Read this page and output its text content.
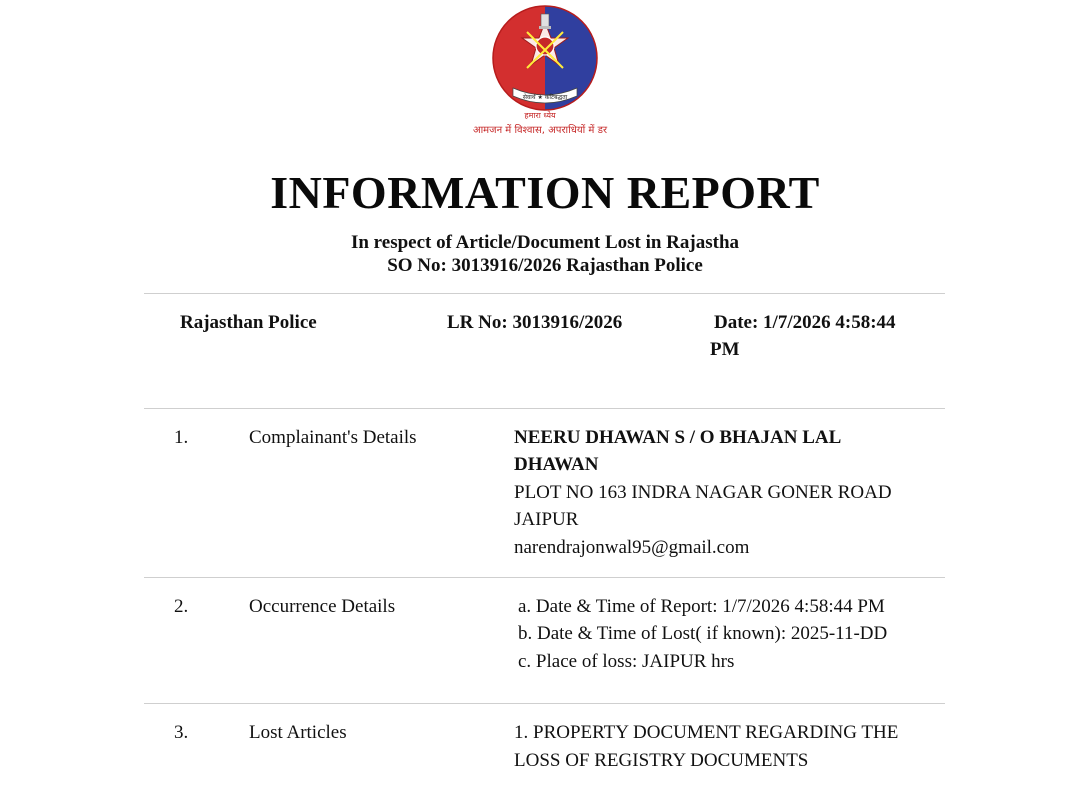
सेवार्थ ★ कटिबद्धता
हमारा ध्येय
आमजन में विश्वास, अपराधियों में डर
INFORMATION REPORT
In respect of Article/Document Lost in Rajastha
SO No: 3013916/2026 Rajasthan Police
Rajasthan Police	LR No: 3013916/2026	Date: 1/7/2026 4:58:44
PM
1.	Complainant's Details	NEERU DHAWAN S / O BHAJAN LAL
DHAWAN
PLOT NO 163 INDRA NAGAR GONER ROAD
JAIPUR
narendrajonwal95@gmail.com
2.	Occurrence Details	a. Date & Time of Report: 1/7/2026 4:58:44 PM
b. Date & Time of Lost( if known): 2025-11-DD
c. Place of loss: JAIPUR hrs
3.	Lost Articles	1. PROPERTY DOCUMENT REGARDING THE
LOSS OF REGISTRY DOCUMENTS
